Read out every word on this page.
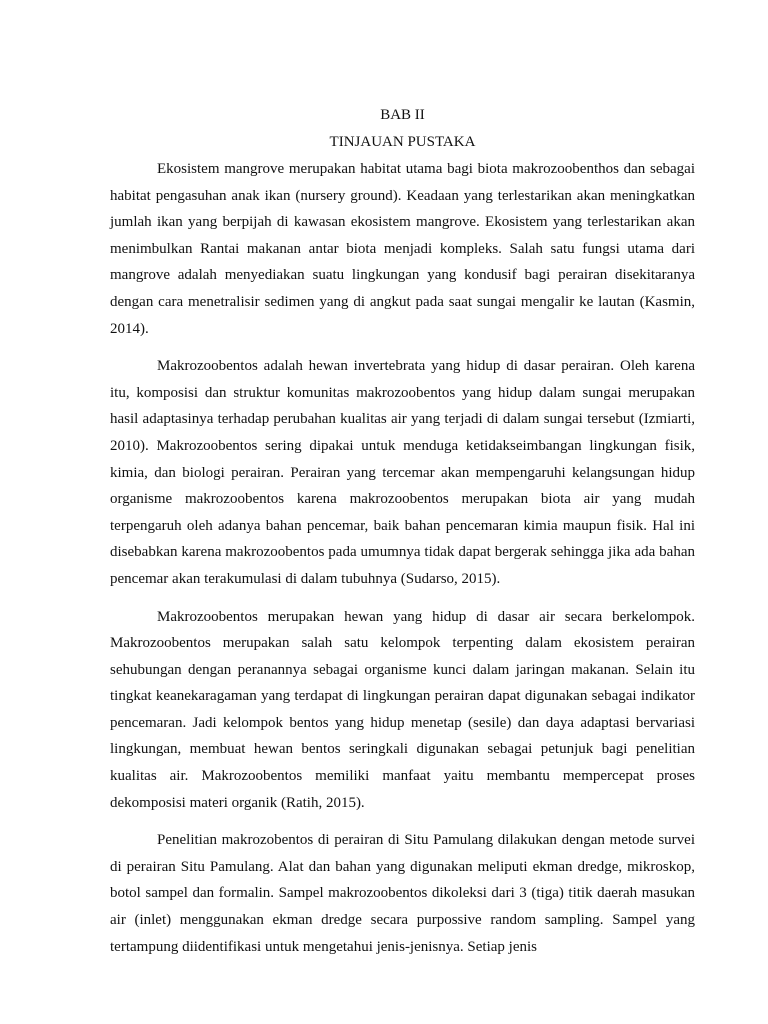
BAB II
TINJAUAN PUSTAKA

Ekosistem mangrove merupakan habitat utama bagi biota makrozoobenthos dan sebagai habitat pengasuhan anak ikan (nursery ground). Keadaan yang terlestarikan akan meningkatkan jumlah ikan yang berpijah di kawasan ekosistem mangrove. Ekosistem yang terlestarikan akan menimbulkan Rantai makanan antar biota menjadi kompleks. Salah satu fungsi utama dari mangrove adalah menyediakan suatu lingkungan yang kondusif bagi perairan disekitaranya dengan cara menetralisir sedimen yang di angkut pada saat sungai mengalir ke lautan (Kasmin, 2014).

Makrozoobentos adalah hewan invertebrata yang hidup di dasar perairan. Oleh karena itu, komposisi dan struktur komunitas makrozoobentos yang hidup dalam sungai merupakan hasil adaptasinya terhadap perubahan kualitas air yang terjadi di dalam sungai tersebut (Izmiarti, 2010). Makrozoobentos sering dipakai untuk menduga ketidakseimbangan lingkungan fisik, kimia, dan biologi perairan. Perairan yang tercemar akan mempengaruhi kelangsungan hidup organisme makrozoobentos karena makrozoobentos merupakan biota air yang mudah terpengaruh oleh adanya bahan pencemar, baik bahan pencemaran kimia maupun fisik. Hal ini disebabkan karena makrozoobentos pada umumnya tidak dapat bergerak sehingga jika ada bahan pencemar akan terakumulasi di dalam tubuhnya (Sudarso, 2015).

Makrozoobentos merupakan hewan yang hidup di dasar air secara berkelompok. Makrozoobentos merupakan salah satu kelompok terpenting dalam ekosistem perairan sehubungan dengan peranannya sebagai organisme kunci dalam jaringan makanan. Selain itu tingkat keanekaragaman yang terdapat di lingkungan perairan dapat digunakan sebagai indikator pencemaran. Jadi kelompok bentos yang hidup menetap (sesile) dan daya adaptasi bervariasi lingkungan, membuat hewan bentos seringkali digunakan sebagai petunjuk bagi penelitian kualitas air. Makrozoobentos memiliki manfaat yaitu membantu mempercepat proses dekomposisi materi organik (Ratih, 2015).

Penelitian makrozobentos di perairan di Situ Pamulang dilakukan dengan metode survei di perairan Situ Pamulang. Alat dan bahan yang digunakan meliputi ekman dredge, mikroskop, botol sampel dan formalin. Sampel makrozoobentos dikoleksi dari 3 (tiga) titik daerah masukan air (inlet) menggunakan ekman dredge secara purpossive random sampling. Sampel yang tertampung diidentifikasi untuk mengetahui jenis-jenisnya. Setiap jenis
